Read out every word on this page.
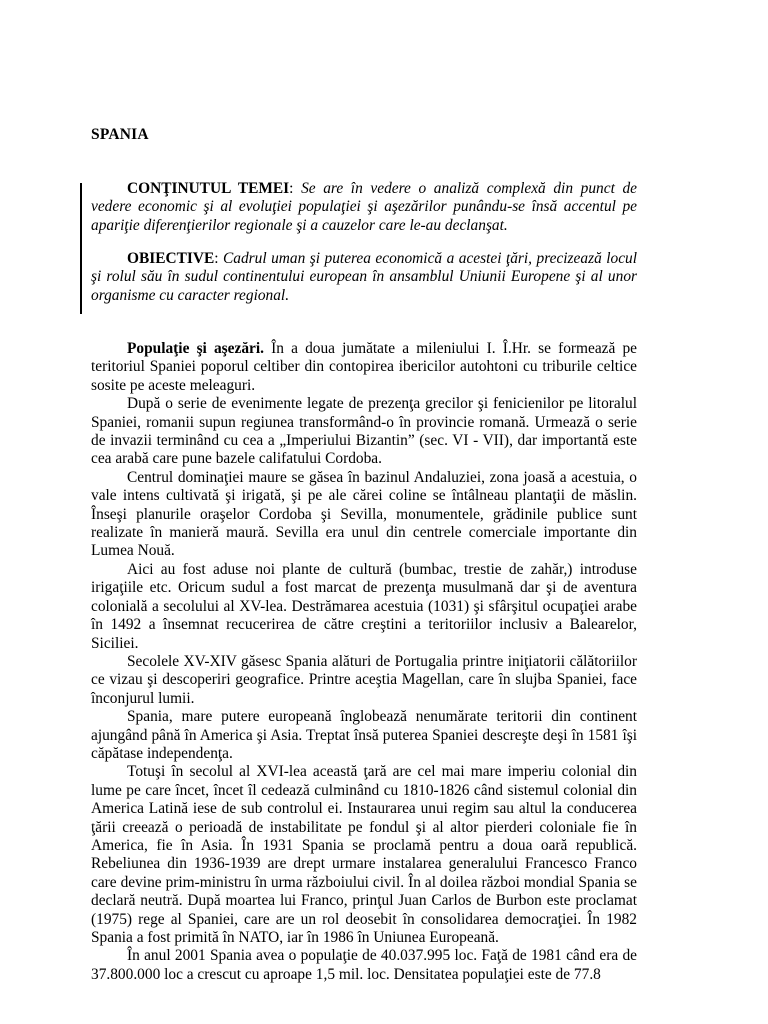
SPANIA

CONŢINUTUL TEMEI: Se are în vedere o analiză complexă din punct de vedere economic şi al evoluţiei populaţiei şi aşezărilor punându-se însă accentul pe apariţie diferenţierilor regionale şi a cauzelor care le-au declanşat.

OBIECTIVE: Cadrul uman şi puterea economică a acestei ţări, precizează locul şi rolul său în sudul continentului european în ansamblul Uniunii Europene şi al unor organisme cu caracter regional.

Populaţie şi aşezări. În a doua jumătate a mileniului I. Î.Hr. se formează pe teritoriul Spaniei poporul celtiber din contopirea ibericilor autohtoni cu triburile celtice sosite pe aceste meleaguri.

După o serie de evenimente legate de prezenţa grecilor şi fenicienilor pe litoralul Spaniei, romanii supun regiunea transformând-o în provincie romană. Urmează o serie de invazii terminând cu cea a „Imperiului Bizantin” (sec. VI - VII), dar importantă este cea arabă care pune bazele califatului Cordoba.

Centrul dominaţiei maure se găsea în bazinul Andaluziei, zona joasă a acestuia, o vale intens cultivată şi irigată, şi pe ale cărei coline se întâlneau plantaţii de măslin. Înseşi planurile oraşelor Cordoba şi Sevilla, monumentele, grădinile publice sunt realizate în manieră maură. Sevilla era unul din centrele comerciale importante din Lumea Nouă.

Aici au fost aduse noi plante de cultură (bumbac, trestie de zahăr,) introduse irigaţiile etc. Oricum sudul a fost marcat de prezenţa musulmană dar şi de aventura colonială a secolului al XV-lea. Destrămarea acestuia (1031) şi sfârşitul ocupaţiei arabe în 1492 a însemnat recucerirea de către creştini a teritoriilor inclusiv a Balearelor, Siciliei.

Secolele XV-XIV găsesc Spania alături de Portugalia printre iniţiatorii călătoriilor ce vizau şi descoperiri geografice. Printre aceştia Magellan, care în slujba Spaniei, face înconjurul lumii.

Spania, mare putere europeană înglobează nenumărate teritorii din continent ajungând până în America şi Asia. Treptat însă puterea Spaniei descreşte deşi în 1581 îşi căpătase independenţa.

Totuşi în secolul al XVI-lea această ţară are cel mai mare imperiu colonial din lume pe care încet, încet îl cedează culminând cu 1810-1826 când sistemul colonial din America Latină iese de sub controlul ei. Instaurarea unui regim sau altul la conducerea ţării creează o perioadă de instabilitate pe fondul şi al altor pierderi coloniale fie în America, fie în Asia. În 1931 Spania se proclamă pentru a doua oară republică. Rebeliunea din 1936-1939 are drept urmare instalarea generalului Francesco Franco care devine prim-ministru în urma războiului civil. În al doilea război mondial Spania se declară neutră. După moartea lui Franco, prinţul Juan Carlos de Burbon este proclamat (1975) rege al Spaniei, care are un rol deosebit în consolidarea democraţiei. În 1982 Spania a fost primită în NATO, iar în 1986 în Uniunea Europeană.

În anul 2001 Spania avea o populaţie de 40.037.995 loc. Faţă de 1981 când era de 37.800.000 loc a crescut cu aproape 1,5 mil. loc. Densitatea populaţiei este de 77.8
